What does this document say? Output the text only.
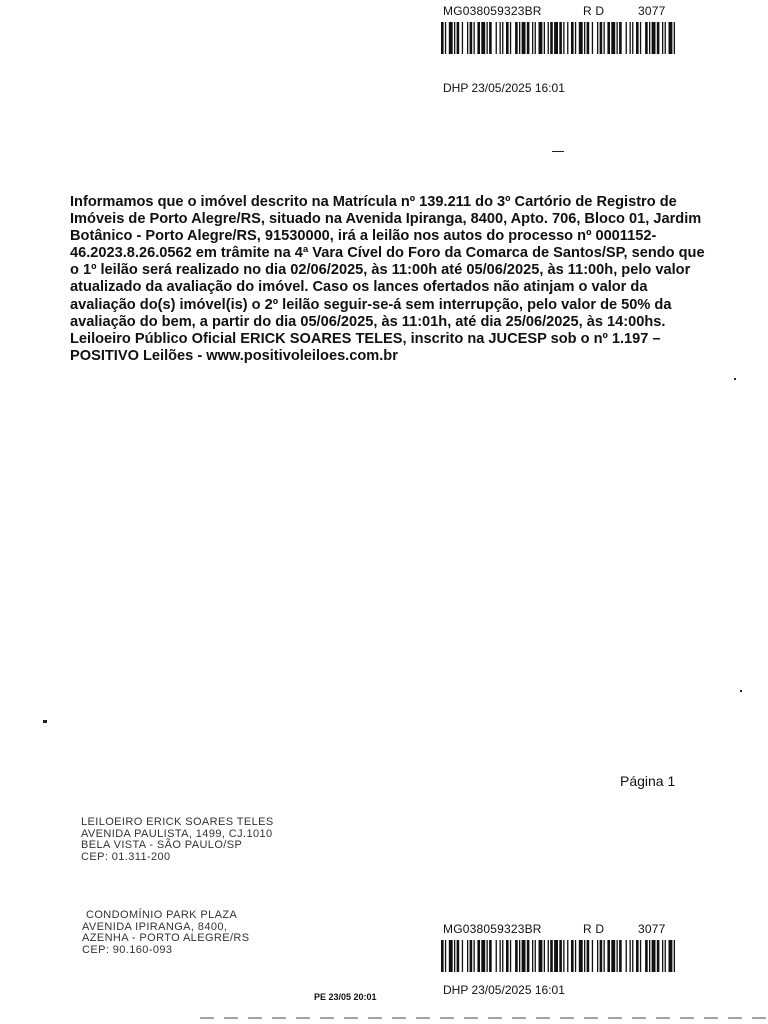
MG038059323BR	R D	3077
DHP 23/05/2025 16:01
Informamos que o imóvel descrito na Matrícula nº 139.211 do 3º Cartório de Registro de Imóveis de Porto Alegre/RS, situado na Avenida Ipiranga, 8400, Apto. 706, Bloco 01, Jardim Botânico - Porto Alegre/RS, 91530000, irá a leilão nos autos do processo nº 0001152-46.2023.8.26.0562 em trâmite na 4ª Vara Cível do Foro da Comarca de Santos/SP, sendo que o 1º leilão será realizado no dia 02/06/2025, às 11:00h até 05/06/2025, às 11:00h, pelo valor atualizado da avaliação do imóvel. Caso os lances ofertados não atinjam o valor da avaliação do(s) imóvel(is) o 2º leilão seguir-se-á sem interrupção, pelo valor de 50% da avaliação do bem, a partir do dia 05/06/2025, às 11:01h, até dia 25/06/2025, às 14:00hs. Leiloeiro Público Oficial ERICK SOARES TELES, inscrito na JUCESP sob o nº 1.197 – POSITIVO Leilões - www.positivoleiloes.com.br
Página 1
LEILOEIRO ERICK SOARES TELES
AVENIDA PAULISTA, 1499, CJ.1010
BELA VISTA - SÃO PAULO/SP
CEP: 01.311-200
CONDOMÍNIO PARK PLAZA
AVENIDA IPIRANGA, 8400,
AZENHA - PORTO ALEGRE/RS
CEP: 90.160-093
MG038059323BR	R D	3077
DHP 23/05/2025 16:01
PE 23/05 20:01
